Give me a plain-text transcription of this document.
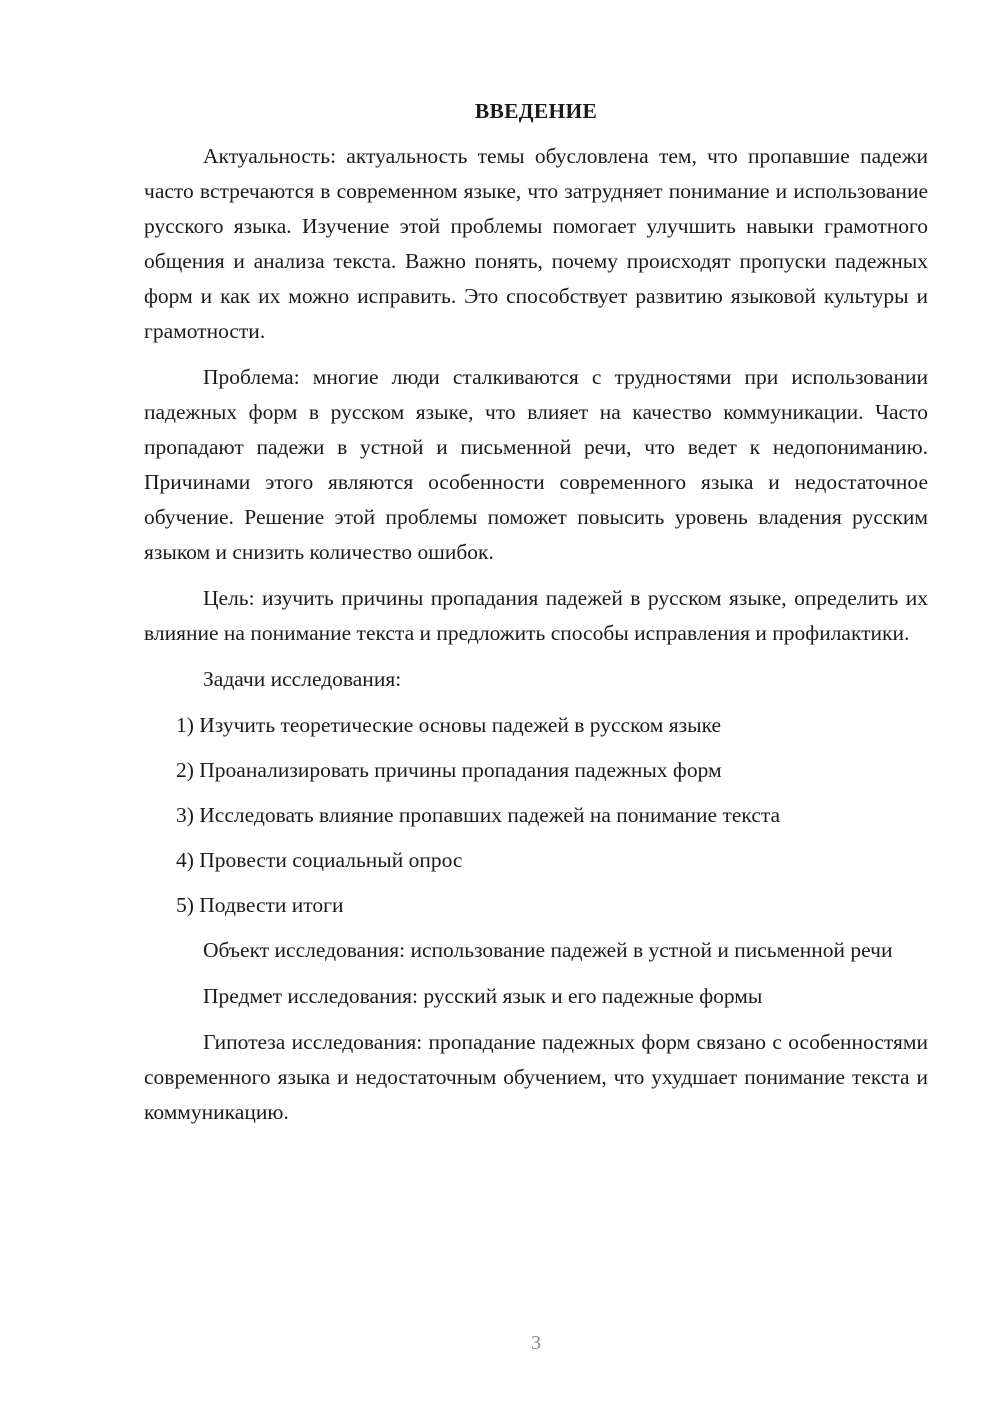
ВВЕДЕНИЕ

Актуальность: актуальность темы обусловлена тем, что пропавшие падежи часто встречаются в современном языке, что затрудняет понимание и использование русского языка. Изучение этой проблемы помогает улучшить навыки грамотного общения и анализа текста. Важно понять, почему происходят пропуски падежных форм и как их можно исправить. Это способствует развитию языковой культуры и грамотности.

Проблема: многие люди сталкиваются с трудностями при использовании падежных форм в русском языке, что влияет на качество коммуникации. Часто пропадают падежи в устной и письменной речи, что ведет к недопониманию. Причинами этого являются особенности современного языка и недостаточное обучение. Решение этой проблемы поможет повысить уровень владения русским языком и снизить количество ошибок.

Цель: изучить причины пропадания падежей в русском языке, определить их влияние на понимание текста и предложить способы исправления и профилактики.

Задачи исследования:

1) Изучить теоретические основы падежей в русском языке
2) Проанализировать причины пропадания падежных форм
3) Исследовать влияние пропавших падежей на понимание текста
4) Провести социальный опрос
5) Подвести итоги

Объект исследования: использование падежей в устной и письменной речи

Предмет исследования: русский язык и его падежные формы

Гипотеза исследования: пропадание падежных форм связано с особенностями современного языка и недостаточным обучением, что ухудшает понимание текста и коммуникацию.

3
